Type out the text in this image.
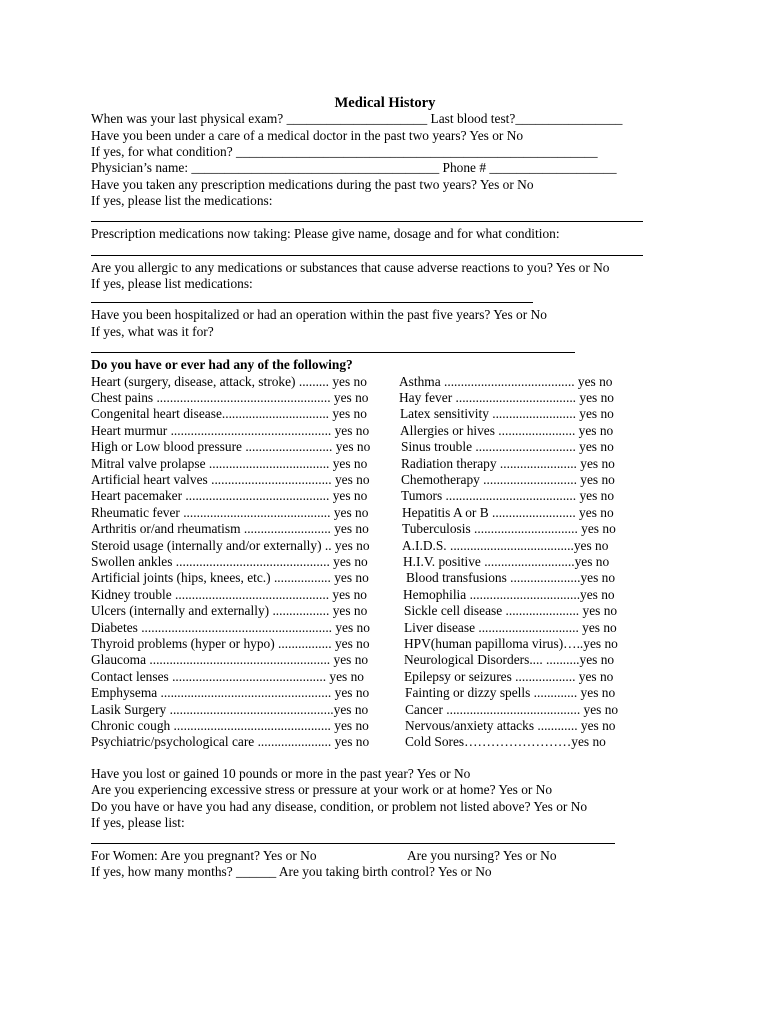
Medical History
When was your last physical exam? _____________________ Last blood test?________________
Have you been under a care of a medical doctor in the past two years? Yes or No
If yes, for what condition? ______________________________________________________
Physician’s name: _____________________________________ Phone # ___________________
Have you taken any prescription medications during the past two years? Yes or No
If yes, please list the medications:
Prescription medications now taking: Please give name, dosage and for what condition:
Are you allergic to any medications or substances that cause adverse reactions to you? Yes or No
If yes, please list medications:
Have you been hospitalized or had an operation within the past five years? Yes or No
If yes, what was it for?
Do you have or ever had any of the following?
Heart (surgery, disease, attack, stroke) ......... yes no
Chest pains .................................................... yes no
Congenital heart disease................................ yes no
Heart murmur ................................................ yes no
High or Low blood pressure .......................... yes no
Mitral valve prolapse .................................... yes no
Artificial heart valves .................................... yes no
Heart pacemaker ........................................... yes no
Rheumatic fever ............................................ yes no
Arthritis or/and rheumatism .......................... yes no
Steroid usage (internally and/or externally) .. yes no
Swollen ankles .............................................. yes no
Artificial joints (hips, knees, etc.) ................. yes no
Kidney trouble .............................................. yes no
Ulcers (internally and externally) ................. yes no
Diabetes ......................................................... yes no
Thyroid problems (hyper or hypo) ................ yes no
Glaucoma ...................................................... yes no
Contact lenses .............................................. yes no
Emphysema ................................................... yes no
Lasik Surgery .................................................yes no
Chronic cough ............................................... yes no
Psychiatric/psychological care ...................... yes no
Asthma ....................................... yes no
Hay fever .................................... yes no
Latex sensitivity ......................... yes no
Allergies or hives ....................... yes no
Sinus trouble .............................. yes no
Radiation therapy ....................... yes no
Chemotherapy ............................ yes no
Tumors ....................................... yes no
Hepatitis A or B ......................... yes no
Tuberculosis ............................... yes no
A.I.D.S. .....................................yes no
H.I.V. positive ...........................yes no
Blood transfusions .....................yes no
Hemophilia .................................yes no
Sickle cell disease ...................... yes no
Liver disease .............................. yes no
HPV(human papilloma virus)…..yes no
Neurological Disorders.... ..........yes no
Epilepsy or seizures .................. yes no
Fainting or dizzy spells ............. yes no
Cancer ........................................ yes no
Nervous/anxiety attacks ............ yes no
Cold Sores……………………yes no
Have you lost or gained 10 pounds or more in the past year? Yes or No
Are you experiencing excessive stress or pressure at your work or at home? Yes or No
Do you have or have you had any disease, condition, or problem not listed above? Yes or No
If yes, please list:
For Women: Are you pregnant? Yes or No	Are you nursing? Yes or No
If yes, how many months? ______ Are you taking birth control? Yes or No
